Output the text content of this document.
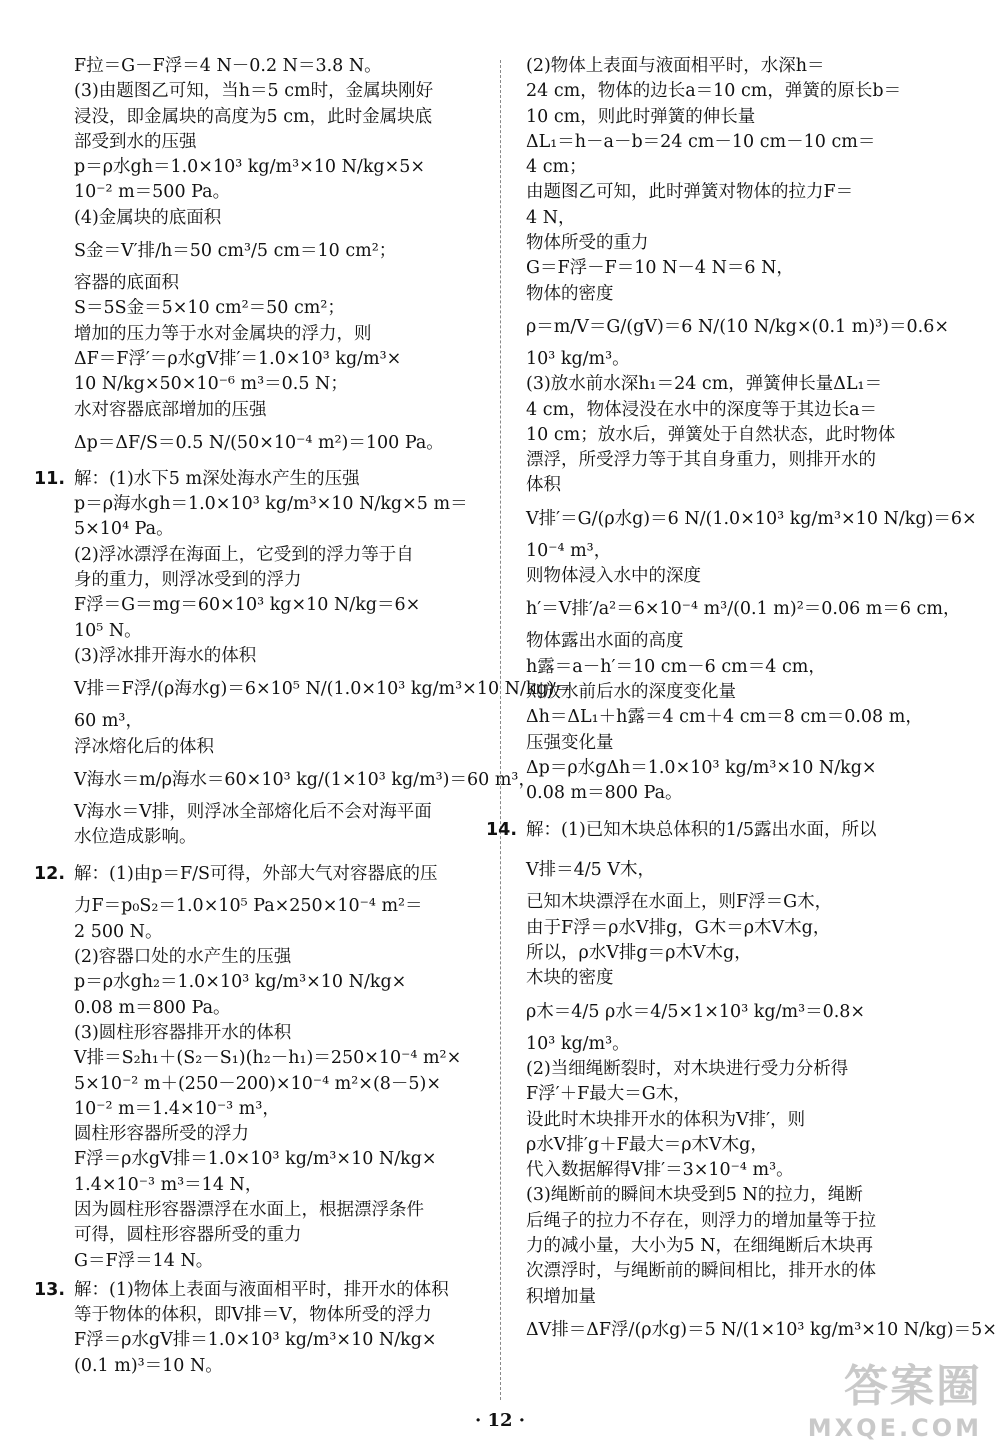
F拉＝G－F浮＝4 N－0.2 N＝3.8 N。
(3)由题图乙可知，当h＝5 cm时，金属块刚好
浸没，即金属块的高度为5 cm，此时金属块底
部受到水的压强
p＝ρ水gh＝1.0×10³ kg/m³×10 N/kg×5×
10⁻² m＝500 Pa。
(4)金属块的底面积
S金＝V′排/h＝50 cm³/5 cm＝10 cm²；
容器的底面积
S＝5S金＝5×10 cm²＝50 cm²；
增加的压力等于水对金属块的浮力，则
ΔF＝F浮′＝ρ水gV排′＝1.0×10³ kg/m³×
10 N/kg×50×10⁻⁶ m³＝0.5 N；
水对容器底部增加的压强
Δp＝ΔF/S＝0.5 N/(50×10⁻⁴ m²)＝100 Pa。
11. 解：(1)水下5 m深处海水产生的压强
p＝ρ海水gh＝1.0×10³ kg/m³×10 N/kg×5 m＝
5×10⁴ Pa。
(2)浮冰漂浮在海面上，它受到的浮力等于自
身的重力，则浮冰受到的浮力
F浮＝G＝mg＝60×10³ kg×10 N/kg＝6×
10⁵ N。
(3)浮冰排开海水的体积
V排＝F浮/(ρ海水g)＝6×10⁵ N/(1.0×10³ kg/m³×10 N/kg)＝
60 m³，
浮冰熔化后的体积
V海水＝m/ρ海水＝60×10³ kg/(1×10³ kg/m³)＝60 m³，
V海水＝V排，则浮冰全部熔化后不会对海平面
水位造成影响。
12. 解：(1)由p＝F/S可得，外部大气对容器底的压
力F＝p₀S₂＝1.0×10⁵ Pa×250×10⁻⁴ m²＝
2 500 N。
(2)容器口处的水产生的压强
p＝ρ水gh₂＝1.0×10³ kg/m³×10 N/kg×
0.08 m＝800 Pa。
(3)圆柱形容器排开水的体积
V排＝S₂h₁＋(S₂－S₁)(h₂－h₁)＝250×10⁻⁴ m²×
5×10⁻² m＋(250－200)×10⁻⁴ m²×(8－5)×
10⁻² m＝1.4×10⁻³ m³，
圆柱形容器所受的浮力
F浮＝ρ水gV排＝1.0×10³ kg/m³×10 N/kg×
1.4×10⁻³ m³＝14 N，
因为圆柱形容器漂浮在水面上，根据漂浮条件
可得，圆柱形容器所受的重力
G＝F浮＝14 N。
13. 解：(1)物体上表面与液面相平时，排开水的体积
等于物体的体积，即V排＝V，物体所受的浮力
F浮＝ρ水gV排＝1.0×10³ kg/m³×10 N/kg×
(0.1 m)³＝10 N。
(2)物体上表面与液面相平时，水深h＝
24 cm，物体的边长a＝10 cm，弹簧的原长b＝
10 cm，则此时弹簧的伸长量
ΔL₁＝h－a－b＝24 cm－10 cm－10 cm＝
4 cm；
由题图乙可知，此时弹簧对物体的拉力F＝
4 N，
物体所受的重力
G＝F浮－F＝10 N－4 N＝6 N，
物体的密度
ρ＝m/V＝G/(gV)＝6 N/(10 N/kg×(0.1 m)³)＝0.6×
10³ kg/m³。
(3)放水前水深h₁＝24 cm，弹簧伸长量ΔL₁＝
4 cm，物体浸没在水中的深度等于其边长a＝
10 cm；放水后，弹簧处于自然状态，此时物体
漂浮，所受浮力等于其自身重力，则排开水的
体积
V排′＝G/(ρ水g)＝6 N/(1.0×10³ kg/m³×10 N/kg)＝6×
10⁻⁴ m³，
则物体浸入水中的深度
h′＝V排′/a²＝6×10⁻⁴ m³/(0.1 m)²＝0.06 m＝6 cm，
物体露出水面的高度
h露＝a－h′＝10 cm－6 cm＝4 cm，
则放水前后水的深度变化量
Δh＝ΔL₁＋h露＝4 cm＋4 cm＝8 cm＝0.08 m，
压强变化量
Δp＝ρ水gΔh＝1.0×10³ kg/m³×10 N/kg×
0.08 m＝800 Pa。
14. 解：(1)已知木块总体积的1/5露出水面，所以
V排＝4/5 V木，
已知木块漂浮在水面上，则F浮＝G木，
由于F浮＝ρ水V排g，G木＝ρ木V木g，
所以，ρ水V排g＝ρ木V木g，
木块的密度
ρ木＝4/5 ρ水＝4/5×1×10³ kg/m³＝0.8×
10³ kg/m³。
(2)当细绳断裂时，对木块进行受力分析得
F浮′＋F最大＝G木，
设此时木块排开水的体积为V排′，则
ρ水V排′g＋F最大＝ρ木V木g，
代入数据解得V排′＝3×10⁻⁴ m³。
(3)绳断前的瞬间木块受到5 N的拉力，绳断
后绳子的拉力不存在，则浮力的增加量等于拉
力的减小量，大小为5 N，在细绳断后木块再
次漂浮时，与绳断前的瞬间相比，排开水的体
积增加量
ΔV排＝ΔF浮/(ρ水g)＝5 N/(1×10³ kg/m³×10 N/kg)＝5×
· 12 ·
答案圈
MXQE.COM
